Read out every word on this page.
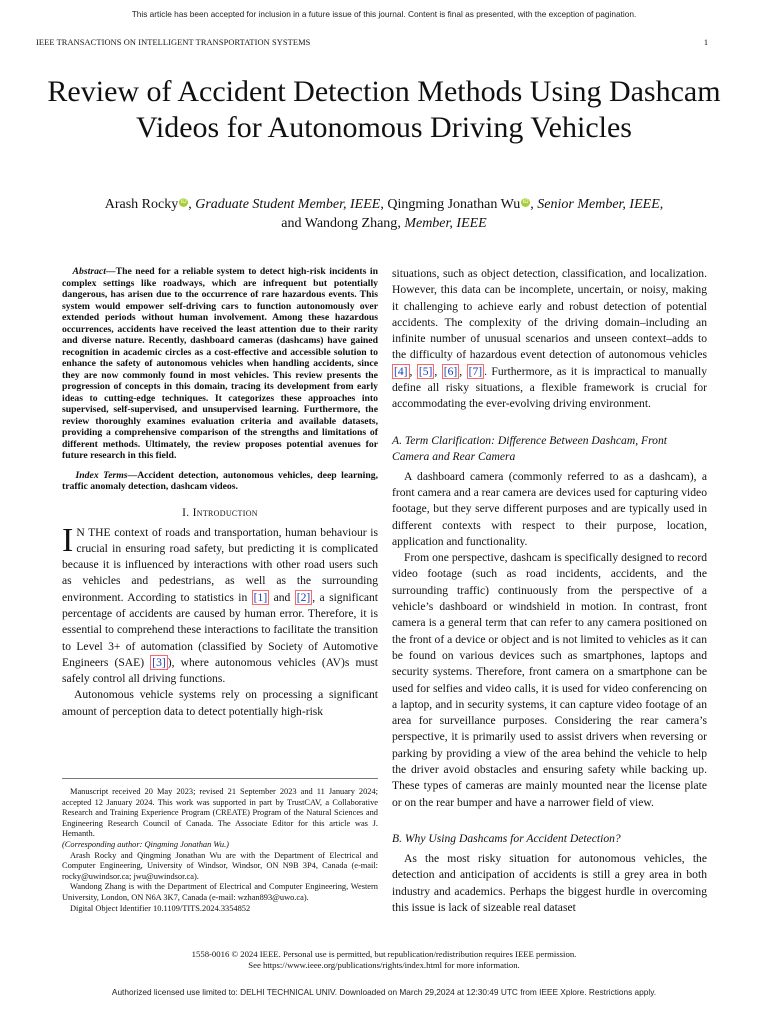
This article has been accepted for inclusion in a future issue of this journal. Content is final as presented, with the exception of pagination.
IEEE TRANSACTIONS ON INTELLIGENT TRANSPORTATION SYSTEMS	1
Review of Accident Detection Methods Using Dashcam Videos for Autonomous Driving Vehicles
Arash Rocky iD , Graduate Student Member, IEEE, Qingming Jonathan Wu iD , Senior Member, IEEE,
and Wandong Zhang, Member, IEEE

Abstract—The need for a reliable system to detect high-risk incidents in complex settings like roadways, which are infrequent but potentially dangerous, has arisen due to the occurrence of rare hazardous events. This system would empower self-driving cars to function autonomously over extended periods without human involvement. Among these hazardous occurrences, accidents have received the least attention due to their rarity and diverse nature. Recently, dashboard cameras (dashcams) have gained recognition in academic circles as a cost-effective and accessible solution to enhance the safety of autonomous vehicles when handling accidents, since they are now commonly found in most vehicles. This review presents the progression of concepts in this domain, tracing its development from early ideas to cutting-edge techniques. It categorizes these approaches into supervised, self-supervised, and unsupervised learning. Furthermore, the review thoroughly examines evaluation criteria and available datasets, providing a comprehensive comparison of the strengths and limitations of different methods. Ultimately, the review proposes potential avenues for future research in this field.

Index Terms—Accident detection, autonomous vehicles, deep learning, traffic anomaly detection, dashcam videos.

I. Introduction

I N THE context of roads and transportation, human behaviour is crucial in ensuring road safety, but predicting it is complicated because it is influenced by interactions with other road users such as vehicles and pedestrians, as well as the surrounding environment. According to statistics in [1] and [2] , a significant percentage of accidents are caused by human error. Therefore, it is essential to comprehend these interactions to facilitate the transition to Level 3+ of automation (classified by Society of Automotive Engineers (SAE) [3] ), where autonomous vehicles (AV)s must safely control all driving functions.

Autonomous vehicle systems rely on processing a significant amount of perception data to detect potentially high-risk

Manuscript received 20 May 2023; revised 21 September 2023 and 11 January 2024; accepted 12 January 2024. This work was supported in part by TrustCAV, a Collaborative Research and Training Experience Program (CREATE) Program of the Natural Sciences and Engineering Research Council of Canada. The Associate Editor for this article was J. Hemanth.

(Corresponding author: Qingming Jonathan Wu.)

Arash Rocky and Qingming Jonathan Wu are with the Department of Electrical and Computer Engineering, University of Windsor, Windsor, ON N9B 3P4, Canada (e-mail: rocky@uwindsor.ca; jwu@uwindsor.ca).

Wandong Zhang is with the Department of Electrical and Computer Engineering, Western University, London, ON N6A 3K7, Canada (e-mail: wzhan893@uwo.ca).

Digital Object Identifier 10.1109/TITS.2024.3354852

situations, such as object detection, classification, and localization. However, this data can be incomplete, uncertain, or noisy, making it challenging to achieve early and robust detection of potential accidents. The complexity of the driving domain–including an infinite number of unusual scenarios and unseen context–adds to the difficulty of hazardous event detection of autonomous vehicles [4] , [5] , [6] , [7] . Furthermore, as it is impractical to manually define all risky situations, a flexible framework is crucial for accommodating the ever-evolving driving environment.

A. Term Clarification: Difference Between Dashcam, Front Camera and Rear Camera

A dashboard camera (commonly referred to as a dashcam), a front camera and a rear camera are devices used for capturing video footage, but they serve different purposes and are typically used in different contexts with respect to their purpose, location, application and functionality.

From one perspective, dashcam is specifically designed to record video footage (such as road incidents, accidents, and the surrounding traffic) continuously from the perspective of a vehicle’s dashboard or windshield in motion. In contrast, front camera is a general term that can refer to any camera positioned on the front of a device or object and is not limited to vehicles as it can be found on various devices such as smartphones, laptops and security systems. Therefore, front camera on a smartphone can be used for selfies and video calls, it is used for video conferencing on a laptop, and in security systems, it can capture video footage of an area for surveillance purposes. Considering the rear camera’s perspective, it is primarily used to assist drivers when reversing or parking by providing a view of the area behind the vehicle to help the driver avoid obstacles and ensuring safety while backing up. These types of cameras are mainly mounted near the license plate or on the rear bumper and have a narrower field of view.

B. Why Using Dashcams for Accident Detection?

As the most risky situation for autonomous vehicles, the detection and anticipation of accidents is still a grey area in both industry and academics. Perhaps the biggest hurdle in overcoming this issue is lack of sizeable real dataset

1558-0016 © 2024 IEEE. Personal use is permitted, but republication/redistribution requires IEEE permission.
See https://www.ieee.org/publications/rights/index.html for more information.
Authorized licensed use limited to: DELHI TECHNICAL UNIV. Downloaded on March 29,2024 at 12:30:49 UTC from IEEE Xplore. Restrictions apply.
